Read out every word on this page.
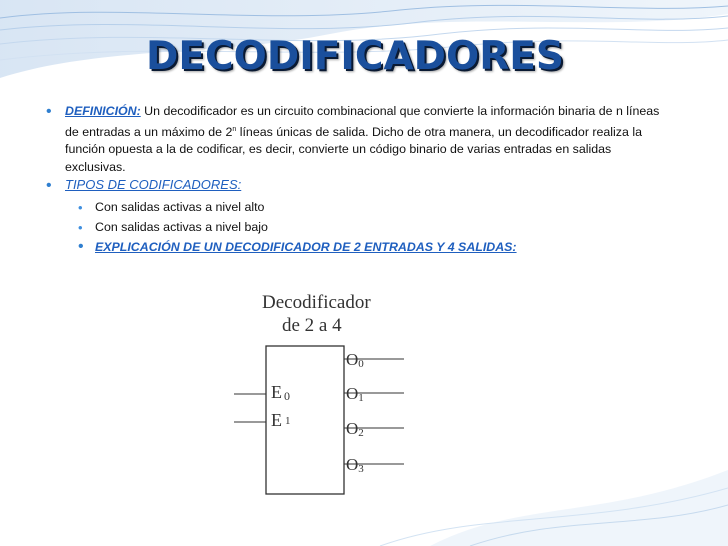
DECODIFICADORES
• DEFINICIÓN: Un decodificador es un circuito combinacional que convierte la información binaria de n líneas de entradas a un máximo de 2$^n$ líneas únicas de salida. Dicho de otra manera, un decodificador realiza la función opuesta a la de codificar, es decir, convierte un código binario de varias entradas en salidas exclusivas.
• TIPOS DE CODIFICADORES:
• Con salidas activas a nivel alto
• Con salidas activas a nivel bajo
• EXPLICACIÓN DE UN DECODIFICADOR DE 2 ENTRADAS Y 4 SALIDAS:
Decodificador
de 2 a 4
E 0
E 1
O0
O1
O2
O3
